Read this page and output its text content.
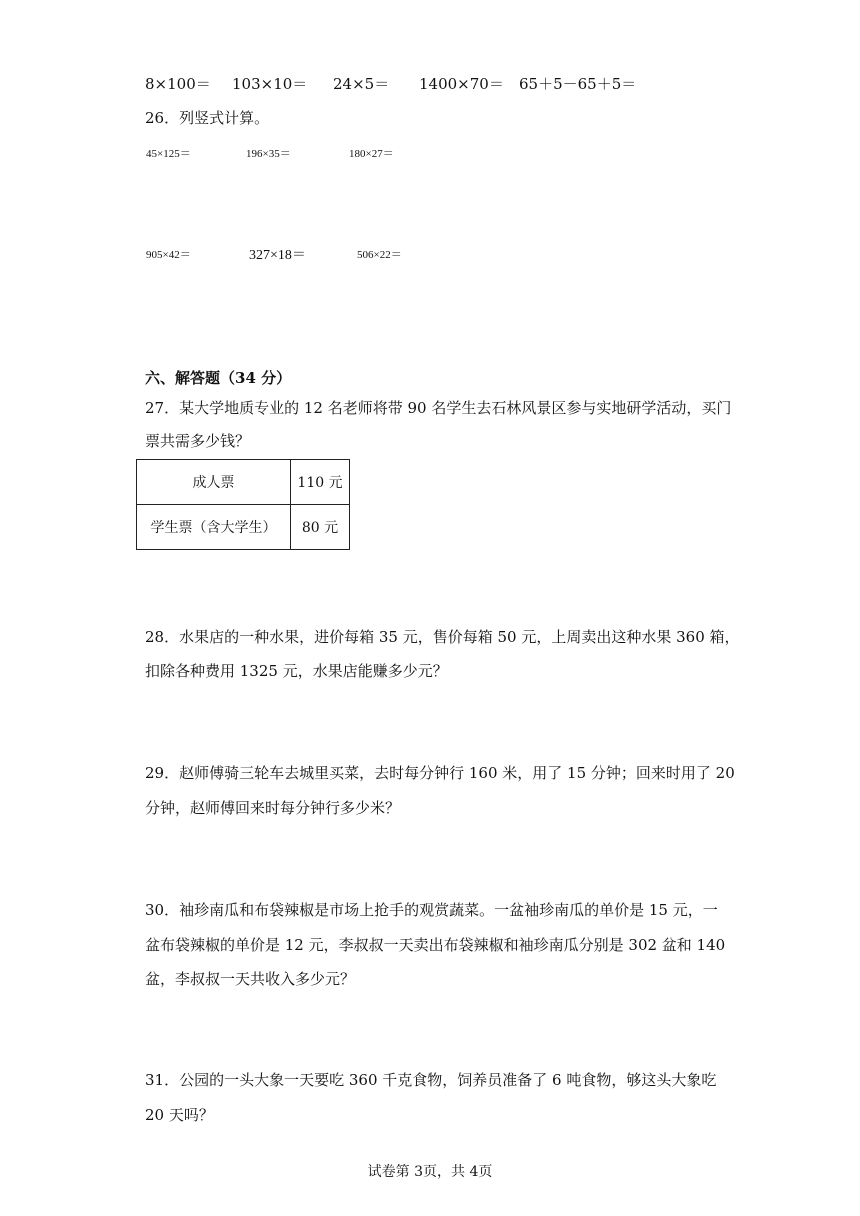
8×100＝ 103×10＝ 24×5＝ 1400×70＝ 65＋5－65＋5＝
26．列竖式计算。
45×125＝	196×35＝	180×27＝
905×42＝	327×18＝	506×22＝
六、解答题（34 分）
27．某大学地质专业的 12 名老师将带 90 名学生去石林风景区参与实地研学活动，买门
票共需多少钱？
成人票	110 元
学生票（含大学生）	80 元
28．水果店的一种水果，进价每箱 35 元，售价每箱 50 元，上周卖出这种水果 360 箱，
扣除各种费用 1325 元，水果店能赚多少元？
29．赵师傅骑三轮车去城里买菜，去时每分钟行 160 米，用了 15 分钟；回来时用了 20
分钟，赵师傅回来时每分钟行多少米？
30．袖珍南瓜和布袋辣椒是市场上抢手的观赏蔬菜。一盆袖珍南瓜的单价是 15 元，一
盆布袋辣椒的单价是 12 元，李叔叔一天卖出布袋辣椒和袖珍南瓜分别是 302 盆和 140
盆，李叔叔一天共收入多少元？
31．公园的一头大象一天要吃 360 千克食物，饲养员准备了 6 吨食物，够这头大象吃
20 天吗？
试卷第 3页，共 4页
